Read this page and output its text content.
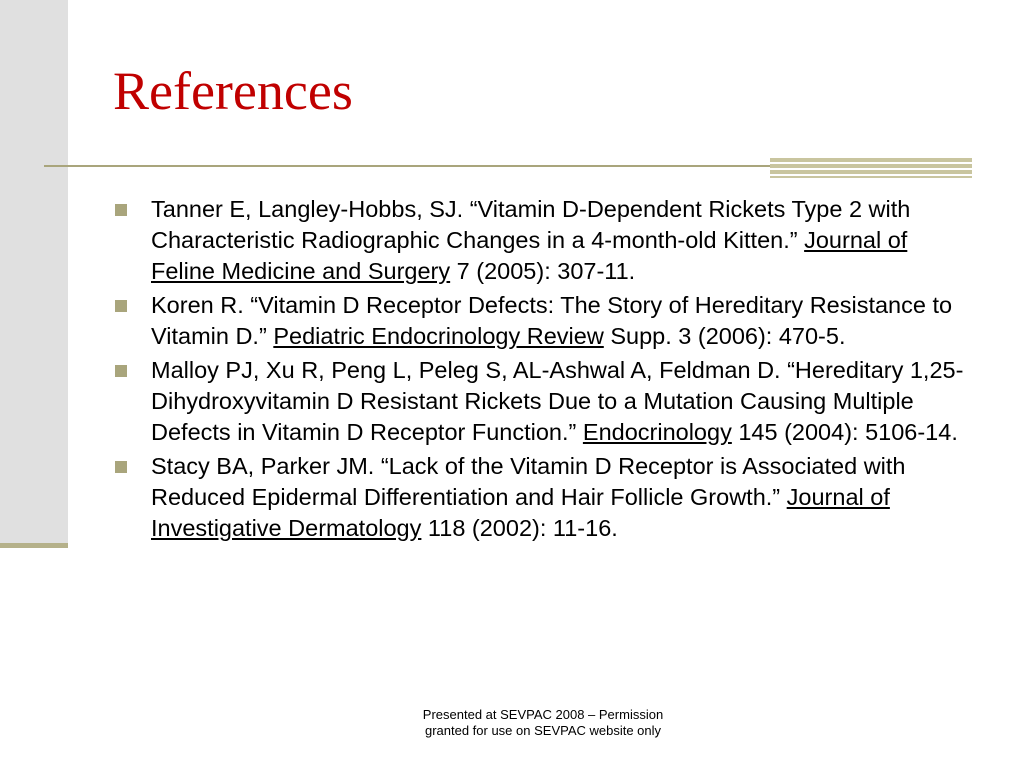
References
Tanner E, Langley-Hobbs, SJ. “Vitamin D-Dependent Rickets Type 2 with Characteristic Radiographic Changes in a 4-month-old Kitten.” Journal of Feline Medicine and Surgery 7 (2005): 307-11.
Koren R. “Vitamin D Receptor Defects: The Story of Hereditary Resistance to Vitamin D.” Pediatric Endocrinology Review Supp. 3 (2006): 470-5.
Malloy PJ, Xu R, Peng L, Peleg S, AL-Ashwal A, Feldman D. “Hereditary 1,25-Dihydroxyvitamin D Resistant Rickets Due to a Mutation Causing Multiple Defects in Vitamin D Receptor Function.” Endocrinology 145 (2004): 5106-14.
Stacy BA, Parker JM. “Lack of the Vitamin D Receptor is Associated with Reduced Epidermal Differentiation and Hair Follicle Growth.” Journal of Investigative Dermatology 118 (2002): 11-16.
Presented at SEVPAC 2008 – Permission
granted for use on SEVPAC website only
